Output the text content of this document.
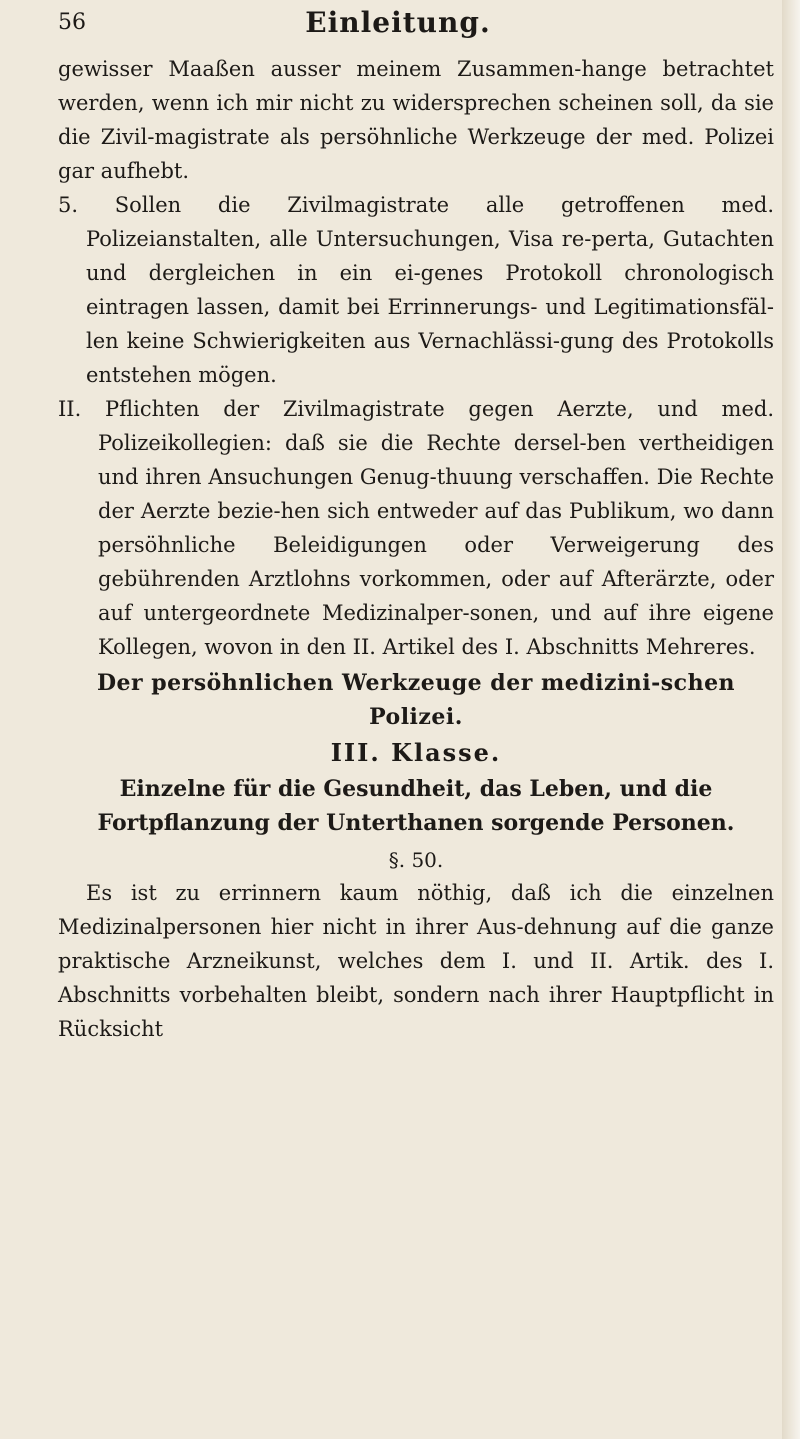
56	Einleitung.

gewisser Maaßen ausser meinem Zusammen-hange betrachtet werden, wenn ich mir nicht zu widersprechen scheinen soll, da sie die Zivil-magistrate als persöhnliche Werkzeuge der med. Polizei gar aufhebt.

5. Sollen die Zivilmagistrate alle getroffenen med. Polizeianstalten, alle Untersuchungen, Visa re-perta, Gutachten und dergleichen in ein ei-genes Protokoll chronologisch eintragen lassen, damit bei Errinnerungs- und Legitimationsfäl-len keine Schwierigkeiten aus Vernachlässi-gung des Protokolls entstehen mögen.

II. Pflichten der Zivilmagistrate gegen Aerzte, und med. Polizeikollegien: daß sie die Rechte dersel-ben vertheidigen und ihren Ansuchungen Genug-thuung verschaffen. Die Rechte der Aerzte bezie-hen sich entweder auf das Publikum, wo dann persöhnliche Beleidigungen oder Verweigerung des gebührenden Arztlohns vorkommen, oder auf Afterärzte, oder auf untergeordnete Medizinalper-sonen, und auf ihre eigene Kollegen, wovon in den II. Artikel des I. Abschnitts Mehreres.

Der persöhnlichen Werkzeuge der medizini-schen Polizei.

III. Klasse.

Einzelne für die Gesundheit, das Leben, und die Fortpflanzung der Unterthanen sorgende Personen.

§. 50.

Es ist zu errinnern kaum nöthig, daß ich die einzelnen Medizinalpersonen hier nicht in ihrer Aus-dehnung auf die ganze praktische Arzneikunst, welches dem I. und II. Artik. des I. Abschnitts vorbehalten bleibt, sondern nach ihrer Hauptpflicht in Rücksicht
